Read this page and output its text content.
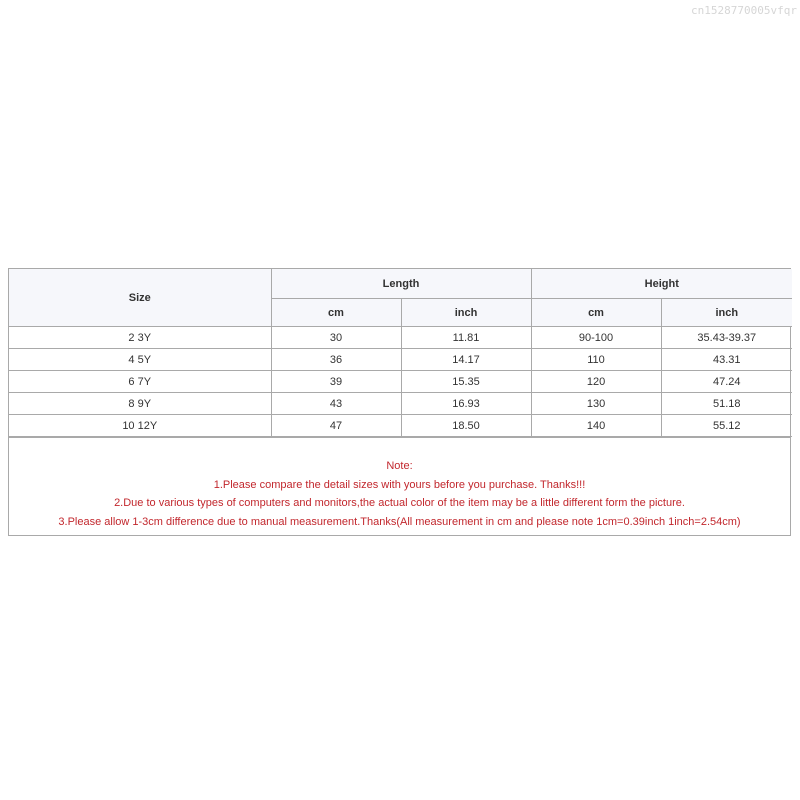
cn1528770005vfqr
Size	Length		Height	
	cm	inch	cm	inch
2 3Y	30	11.81	90-100	35.43-39.37
4 5Y	36	14.17	110	43.31
6 7Y	39	15.35	120	47.24
8 9Y	43	16.93	130	51.18
10 12Y	47	18.50	140	55.12
Note:
1.Please compare the detail sizes with yours before you purchase. Thanks!!!
2.Due to various types of computers and monitors,the actual color of the item may be a little different form the picture.
3.Please allow 1-3cm difference due to manual measurement.Thanks(All measurement in cm and please note 1cm=0.39inch 1inch=2.54cm)
